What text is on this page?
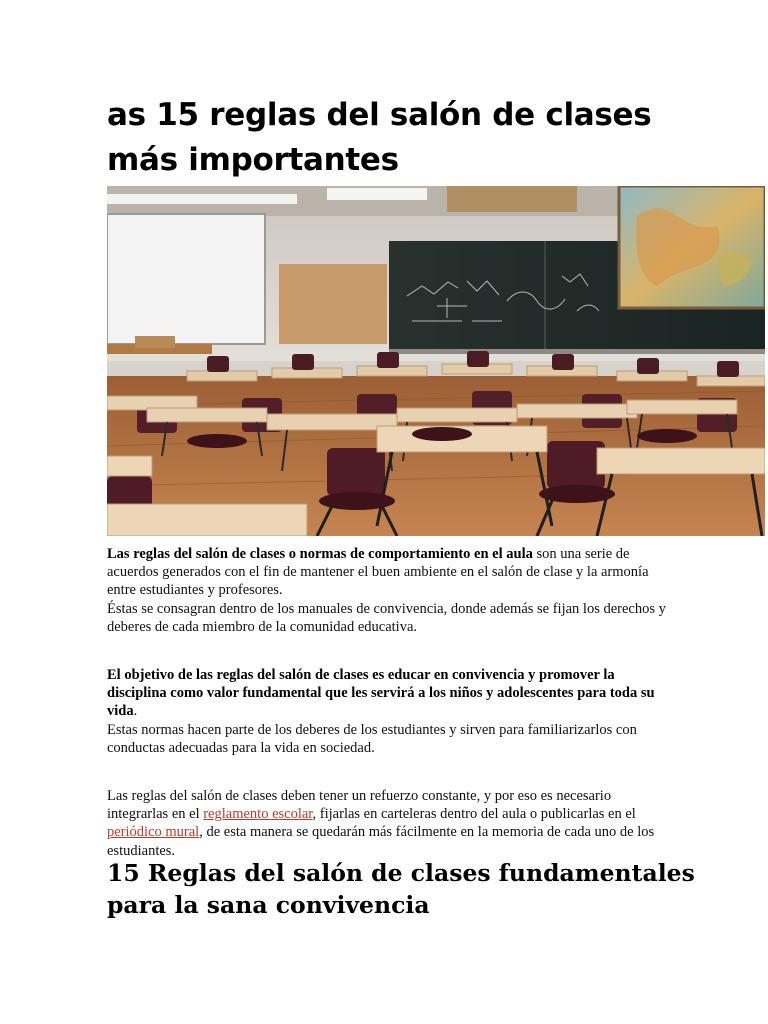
as 15 reglas del salón de clases más importantes

Las reglas del salón de clases o normas de comportamiento en el aula son una serie de acuerdos generados con el fin de mantener el buen ambiente en el salón de clase y la armonía entre estudiantes y profesores.
Éstas se consagran dentro de los manuales de convivencia, donde además se fijan los derechos y deberes de cada miembro de la comunidad educativa.

El objetivo de las reglas del salón de clases es educar en convivencia y promover la disciplina como valor fundamental que les servirá a los niños y adolescentes para toda su vida.
Estas normas hacen parte de los deberes de los estudiantes y sirven para familiarizarlos con conductas adecuadas para la vida en sociedad.

Las reglas del salón de clases deben tener un refuerzo constante, y por eso es necesario integrarlas en el reglamento escolar, fijarlas en carteleras dentro del aula o publicarlas en el periódico mural, de esta manera se quedarán más fácilmente en la memoria de cada uno de los estudiantes.

15 Reglas del salón de clases fundamentales para la sana convivencia
